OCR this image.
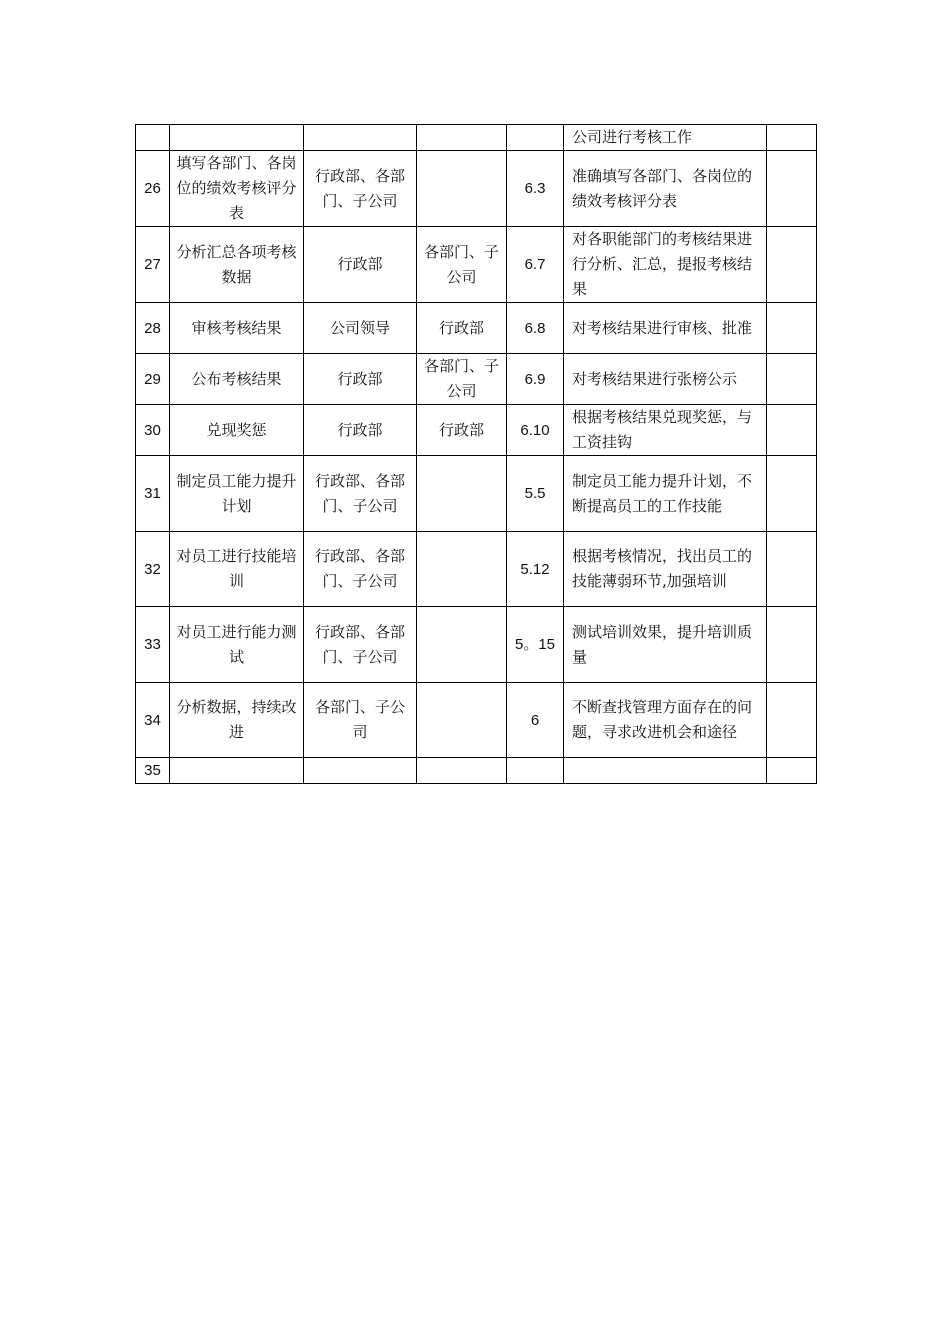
					公司进行考核工作	
26	填写各部门、各岗位的绩效考核评分表	行政部、各部门、子公司		6.3	准确填写各部门、各岗位的绩效考核评分表	
27	分析汇总各项考核数据	行政部	各部门、子公司	6.7	对各职能部门的考核结果进行分析、汇总，提报考核结果	
28	审核考核结果	公司领导	行政部	6.8	对考核结果进行审核、批准	
29	公布考核结果	行政部	各部门、子公司	6.9	对考核结果进行张榜公示	
30	兑现奖惩	行政部	行政部	6.10	根据考核结果兑现奖惩，与工资挂钩	
31	制定员工能力提升计划	行政部、各部门、子公司		5.5	制定员工能力提升计划，不断提高员工的工作技能	
32	对员工进行技能培训	行政部、各部门、子公司		5.12	根据考核情况，找出员工的技能薄弱环节,加强培训	
33	对员工进行能力测试	行政部、各部门、子公司		5。15	测试培训效果，提升培训质量	
34	分析数据，持续改进	各部门、子公司		6	不断查找管理方面存在的问题，寻求改进机会和途径	
35						
